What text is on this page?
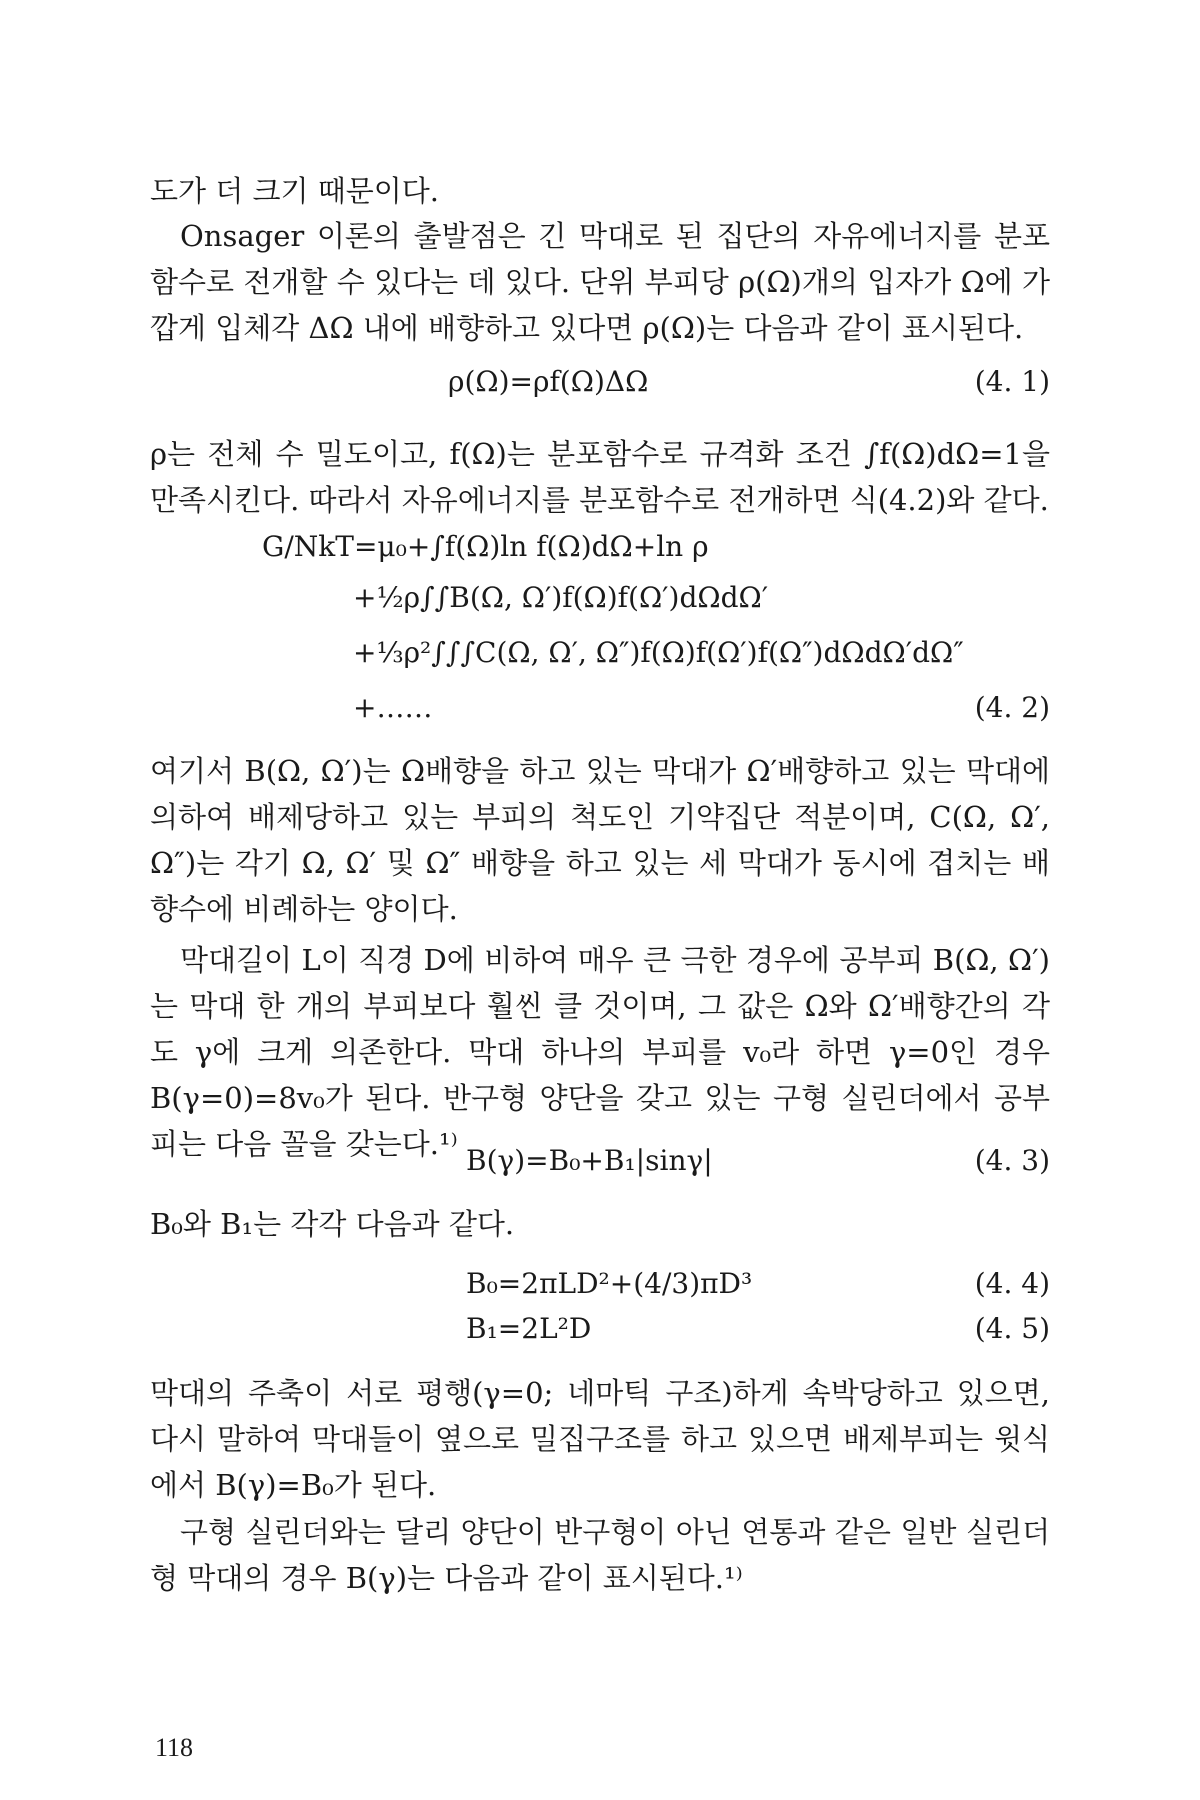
도가 더 크기 때문이다.

Onsager 이론의 출발점은 긴 막대로 된 집단의 자유에너지를 분포함수로 전개할 수 있다는 데 있다. 단위 부피당 ρ(Ω)개의 입자가 Ω에 가깝게 입체각 ΔΩ 내에 배향하고 있다면 ρ(Ω)는 다음과 같이 표시된다.

ρ(Ω)=ρf(Ω)ΔΩ	(4. 1)

ρ는 전체 수 밀도이고, f(Ω)는 분포함수로 규격화 조건 ∫f(Ω)dΩ=1을 만족시킨다. 따라서 자유에너지를 분포함수로 전개하면 식(4.2)와 같다.

G/NkT=μ₀+∫f(Ω)ln f(Ω)dΩ+ln ρ
+½ρ∫∫B(Ω, Ω′)f(Ω)f(Ω′)dΩdΩ′
+⅓ρ²∫∫∫C(Ω, Ω′, Ω″)f(Ω)f(Ω′)f(Ω″)dΩdΩ′dΩ″
+……	(4. 2)

여기서 B(Ω, Ω′)는 Ω배향을 하고 있는 막대가 Ω′배향하고 있는 막대에 의하여 배제당하고 있는 부피의 척도인 기약집단 적분이며, C(Ω, Ω′, Ω″)는 각기 Ω, Ω′ 및 Ω″ 배향을 하고 있는 세 막대가 동시에 겹치는 배향수에 비례하는 양이다.

막대길이 L이 직경 D에 비하여 매우 큰 극한 경우에 공부피 B(Ω, Ω′)는 막대 한 개의 부피보다 훨씬 클 것이며, 그 값은 Ω와 Ω′배향간의 각도 γ에 크게 의존한다. 막대 하나의 부피를 v₀라 하면 γ=0인 경우 B(γ=0)=8v₀가 된다. 반구형 양단을 갖고 있는 구형 실린더에서 공부피는 다음 꼴을 갖는다.¹⁾ B(γ)=B₀+B₁|sinγ|	(4. 3)

B₀와 B₁는 각각 다음과 같다.

B₀=2πLD²+(4/3)πD³	(4. 4)
B₁=2L²D	(4. 5)

막대의 주축이 서로 평행(γ=0; 네마틱 구조)하게 속박당하고 있으면, 다시 말하여 막대들이 옆으로 밀집구조를 하고 있으면 배제부피는 윗식에서 B(γ)=B₀가 된다.

구형 실린더와는 달리 양단이 반구형이 아닌 연통과 같은 일반 실린더형 막대의 경우 B(γ)는 다음과 같이 표시된다.¹⁾

118
